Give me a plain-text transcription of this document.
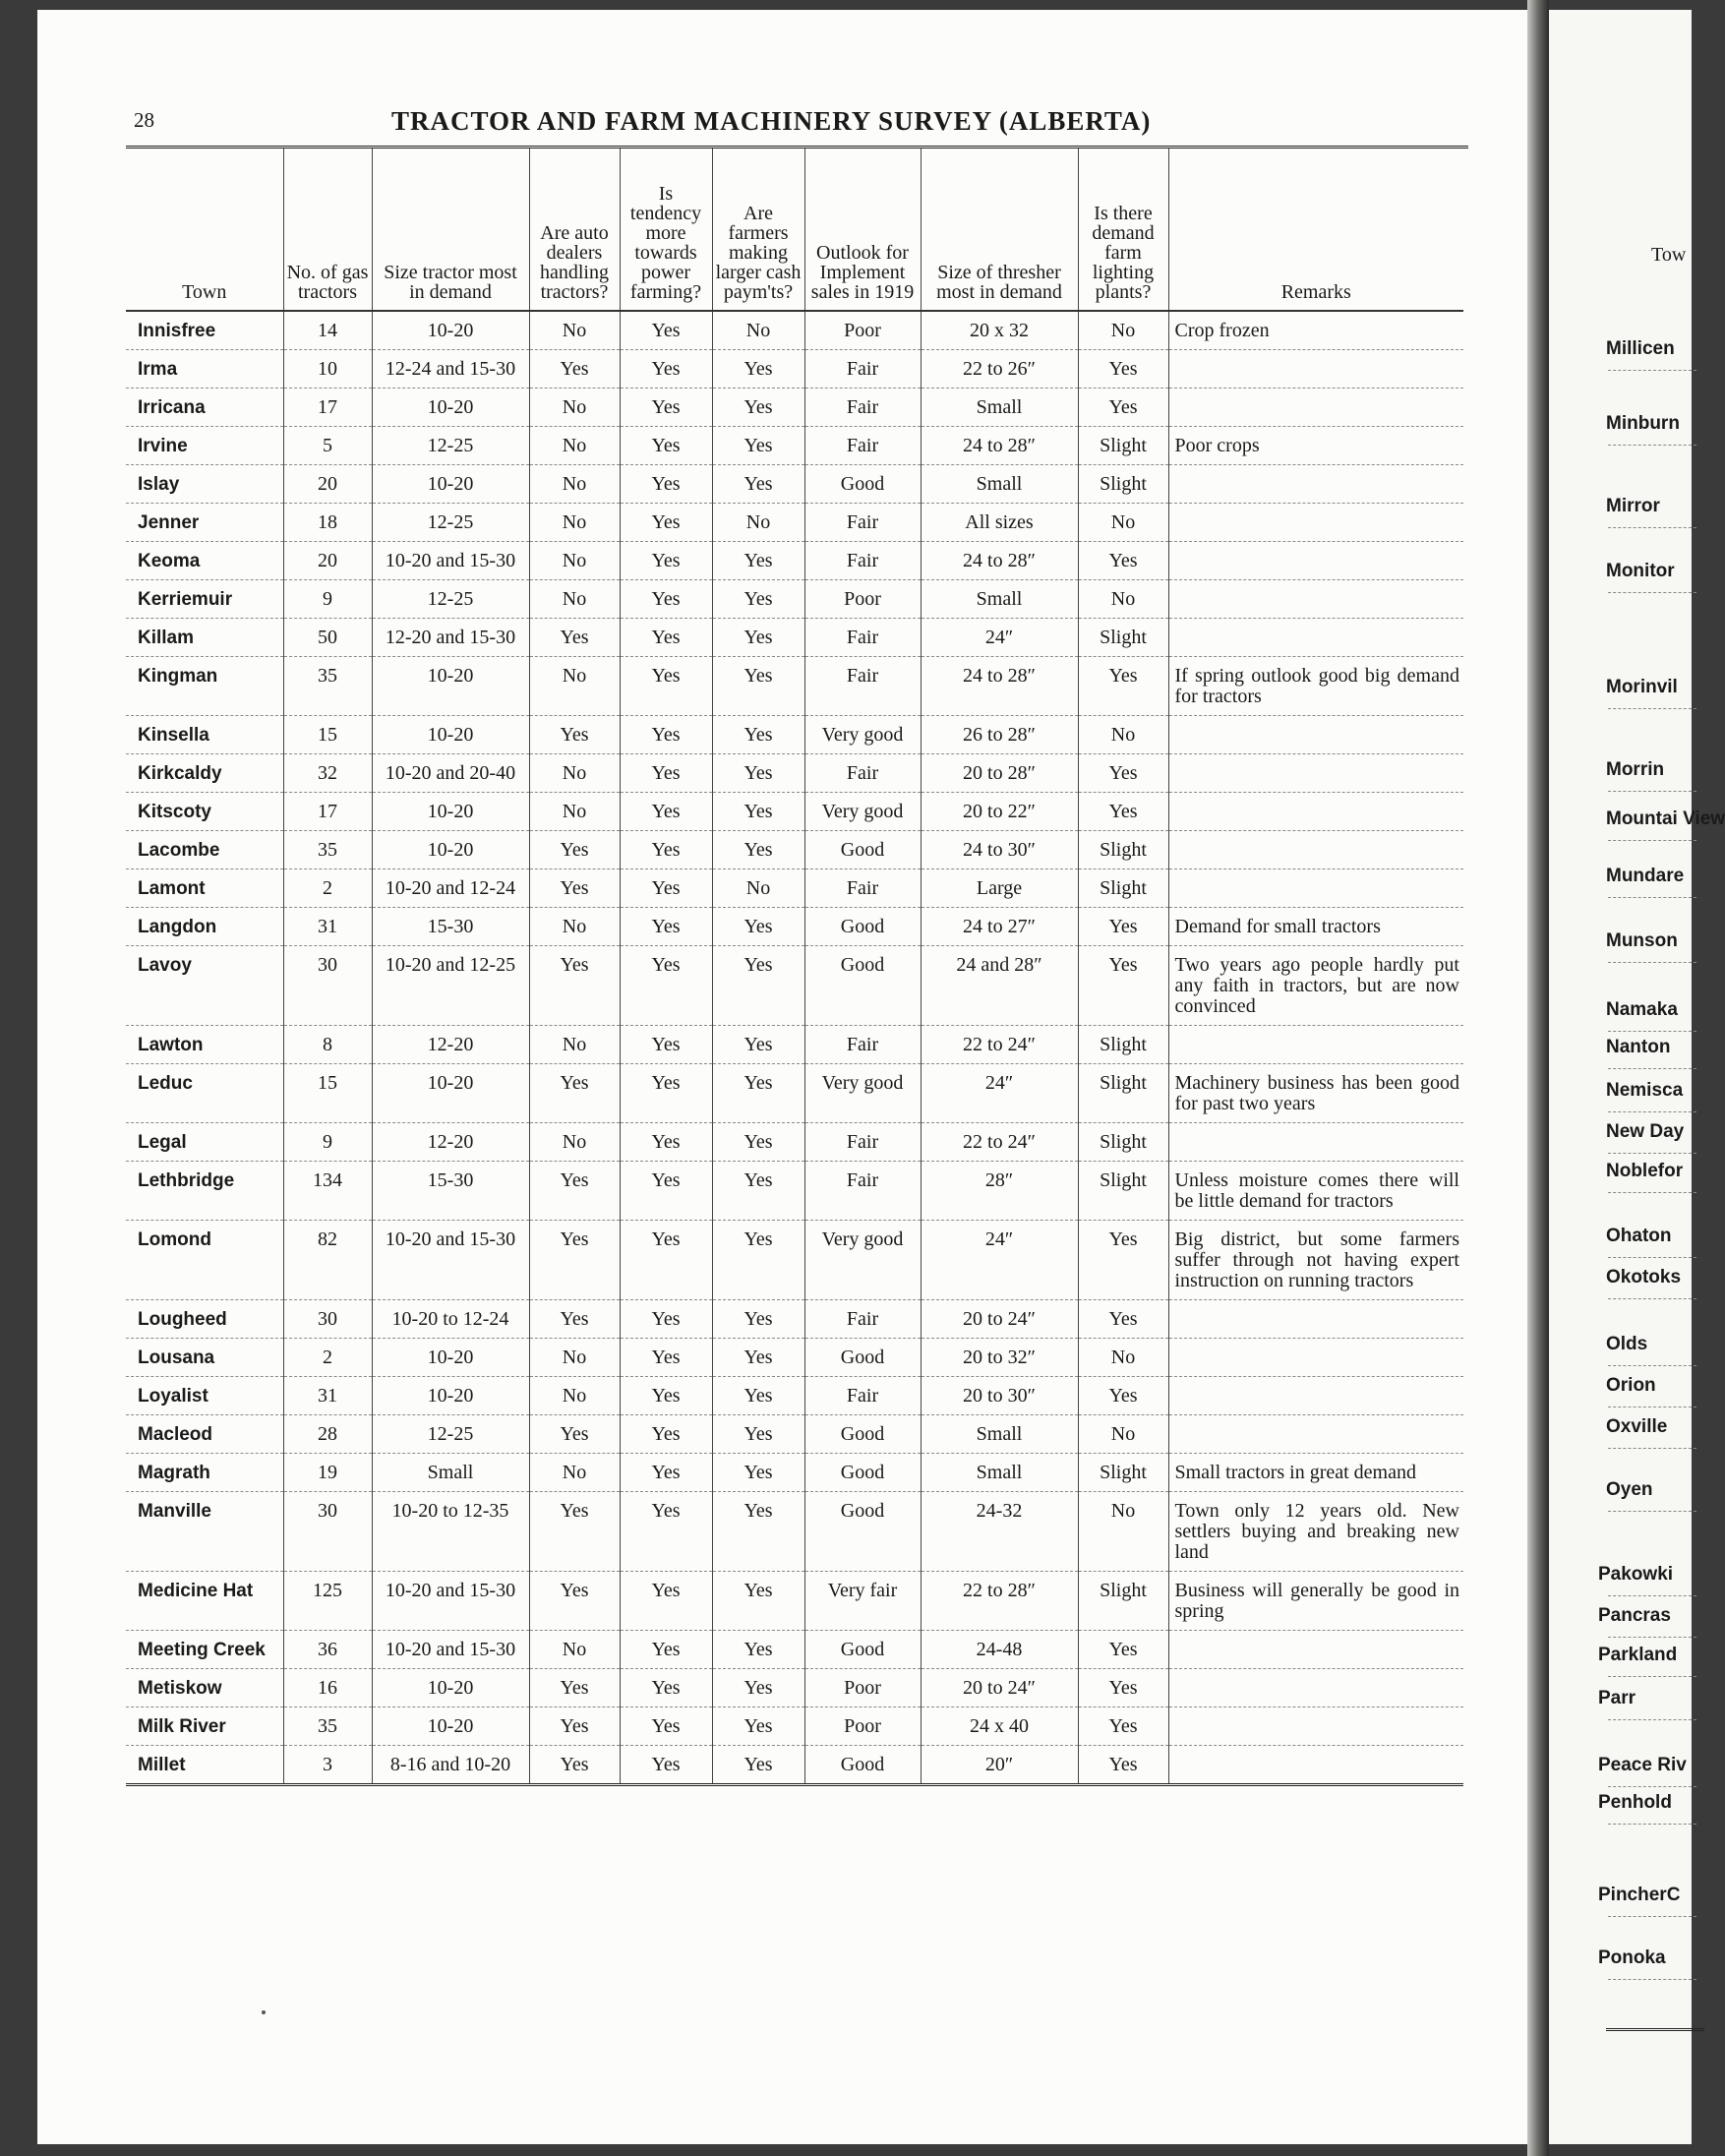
Tow
Millicen
Minburn
Mirror
Monitor
Morinvil
Morrin
Mountai View
Mundare
Munson
Namaka
Nanton
Nemisca
New Day
Noblefor
Ohaton
Okotoks
Olds
Orion
Oxville
Oyen
Pakowki
Pancras
Parkland
Parr
Peace Riv
Penhold
PincherC
Ponoka
28	TRACTOR AND FARM MACHINERY SURVEY (ALBERTA)
Town	No. of gas tractors	Size tractor most in demand	Are auto dealers handling tractors?	Is tendency more towards power farming?	Are farmers making larger cash paym'ts?	Outlook for Implement sales in 1919	Size of thresher most in demand	Is there demand farm lighting plants?	Remarks
Innisfree	14	10-20	No	Yes	No	Poor	20 x 32	No	Crop frozen
Irma	10	12-24 and 15-30	Yes	Yes	Yes	Fair	22 to 26″	Yes	
Irricana	17	10-20	No	Yes	Yes	Fair	Small	Yes	
Irvine	5	12-25	No	Yes	Yes	Fair	24 to 28″	Slight	Poor crops
Islay	20	10-20	No	Yes	Yes	Good	Small	Slight	
Jenner	18	12-25	No	Yes	No	Fair	All sizes	No	
Keoma	20	10-20 and 15-30	No	Yes	Yes	Fair	24 to 28″	Yes	
Kerriemuir	9	12-25	No	Yes	Yes	Poor	Small	No	
Killam	50	12-20 and 15-30	Yes	Yes	Yes	Fair	24″	Slight	
Kingman	35	10-20	No	Yes	Yes	Fair	24 to 28″	Yes	If spring outlook good big demand for tractors
Kinsella	15	10-20	Yes	Yes	Yes	Very good	26 to 28″	No	
Kirkcaldy	32	10-20 and 20-40	No	Yes	Yes	Fair	20 to 28″	Yes	
Kitscoty	17	10-20	No	Yes	Yes	Very good	20 to 22″	Yes	
Lacombe	35	10-20	Yes	Yes	Yes	Good	24 to 30″	Slight	
Lamont	2	10-20 and 12-24	Yes	Yes	No	Fair	Large	Slight	
Langdon	31	15-30	No	Yes	Yes	Good	24 to 27″	Yes	Demand for small tractors
Lavoy	30	10-20 and 12-25	Yes	Yes	Yes	Good	24 and 28″	Yes	Two years ago people hardly put any faith in tractors, but are now convinced
Lawton	8	12-20	No	Yes	Yes	Fair	22 to 24″	Slight	
Leduc	15	10-20	Yes	Yes	Yes	Very good	24″	Slight	Machinery business has been good for past two years
Legal	9	12-20	No	Yes	Yes	Fair	22 to 24″	Slight	
Lethbridge	134	15-30	Yes	Yes	Yes	Fair	28″	Slight	Unless moisture comes there will be little demand for tractors
Lomond	82	10-20 and 15-30	Yes	Yes	Yes	Very good	24″	Yes	Big district, but some farmers suffer through not having expert instruction on running tractors
Lougheed	30	10-20 to 12-24	Yes	Yes	Yes	Fair	20 to 24″	Yes	
Lousana	2	10-20	No	Yes	Yes	Good	20 to 32″	No	
Loyalist	31	10-20	No	Yes	Yes	Fair	20 to 30″	Yes	
Macleod	28	12-25	Yes	Yes	Yes	Good	Small	No	
Magrath	19	Small	No	Yes	Yes	Good	Small	Slight	Small tractors in great demand
Manville	30	10-20 to 12-35	Yes	Yes	Yes	Good	24-32	No	Town only 12 years old. New settlers buying and breaking new land
Medicine Hat	125	10-20 and 15-30	Yes	Yes	Yes	Very fair	22 to 28″	Slight	Business will generally be good in spring
Meeting Creek	36	10-20 and 15-30	No	Yes	Yes	Good	24-48	Yes	
Metiskow	16	10-20	Yes	Yes	Yes	Poor	20 to 24″	Yes	
Milk River	35	10-20	Yes	Yes	Yes	Poor	24 x 40	Yes	
Millet	3	8-16 and 10-20	Yes	Yes	Yes	Good	20″	Yes	
